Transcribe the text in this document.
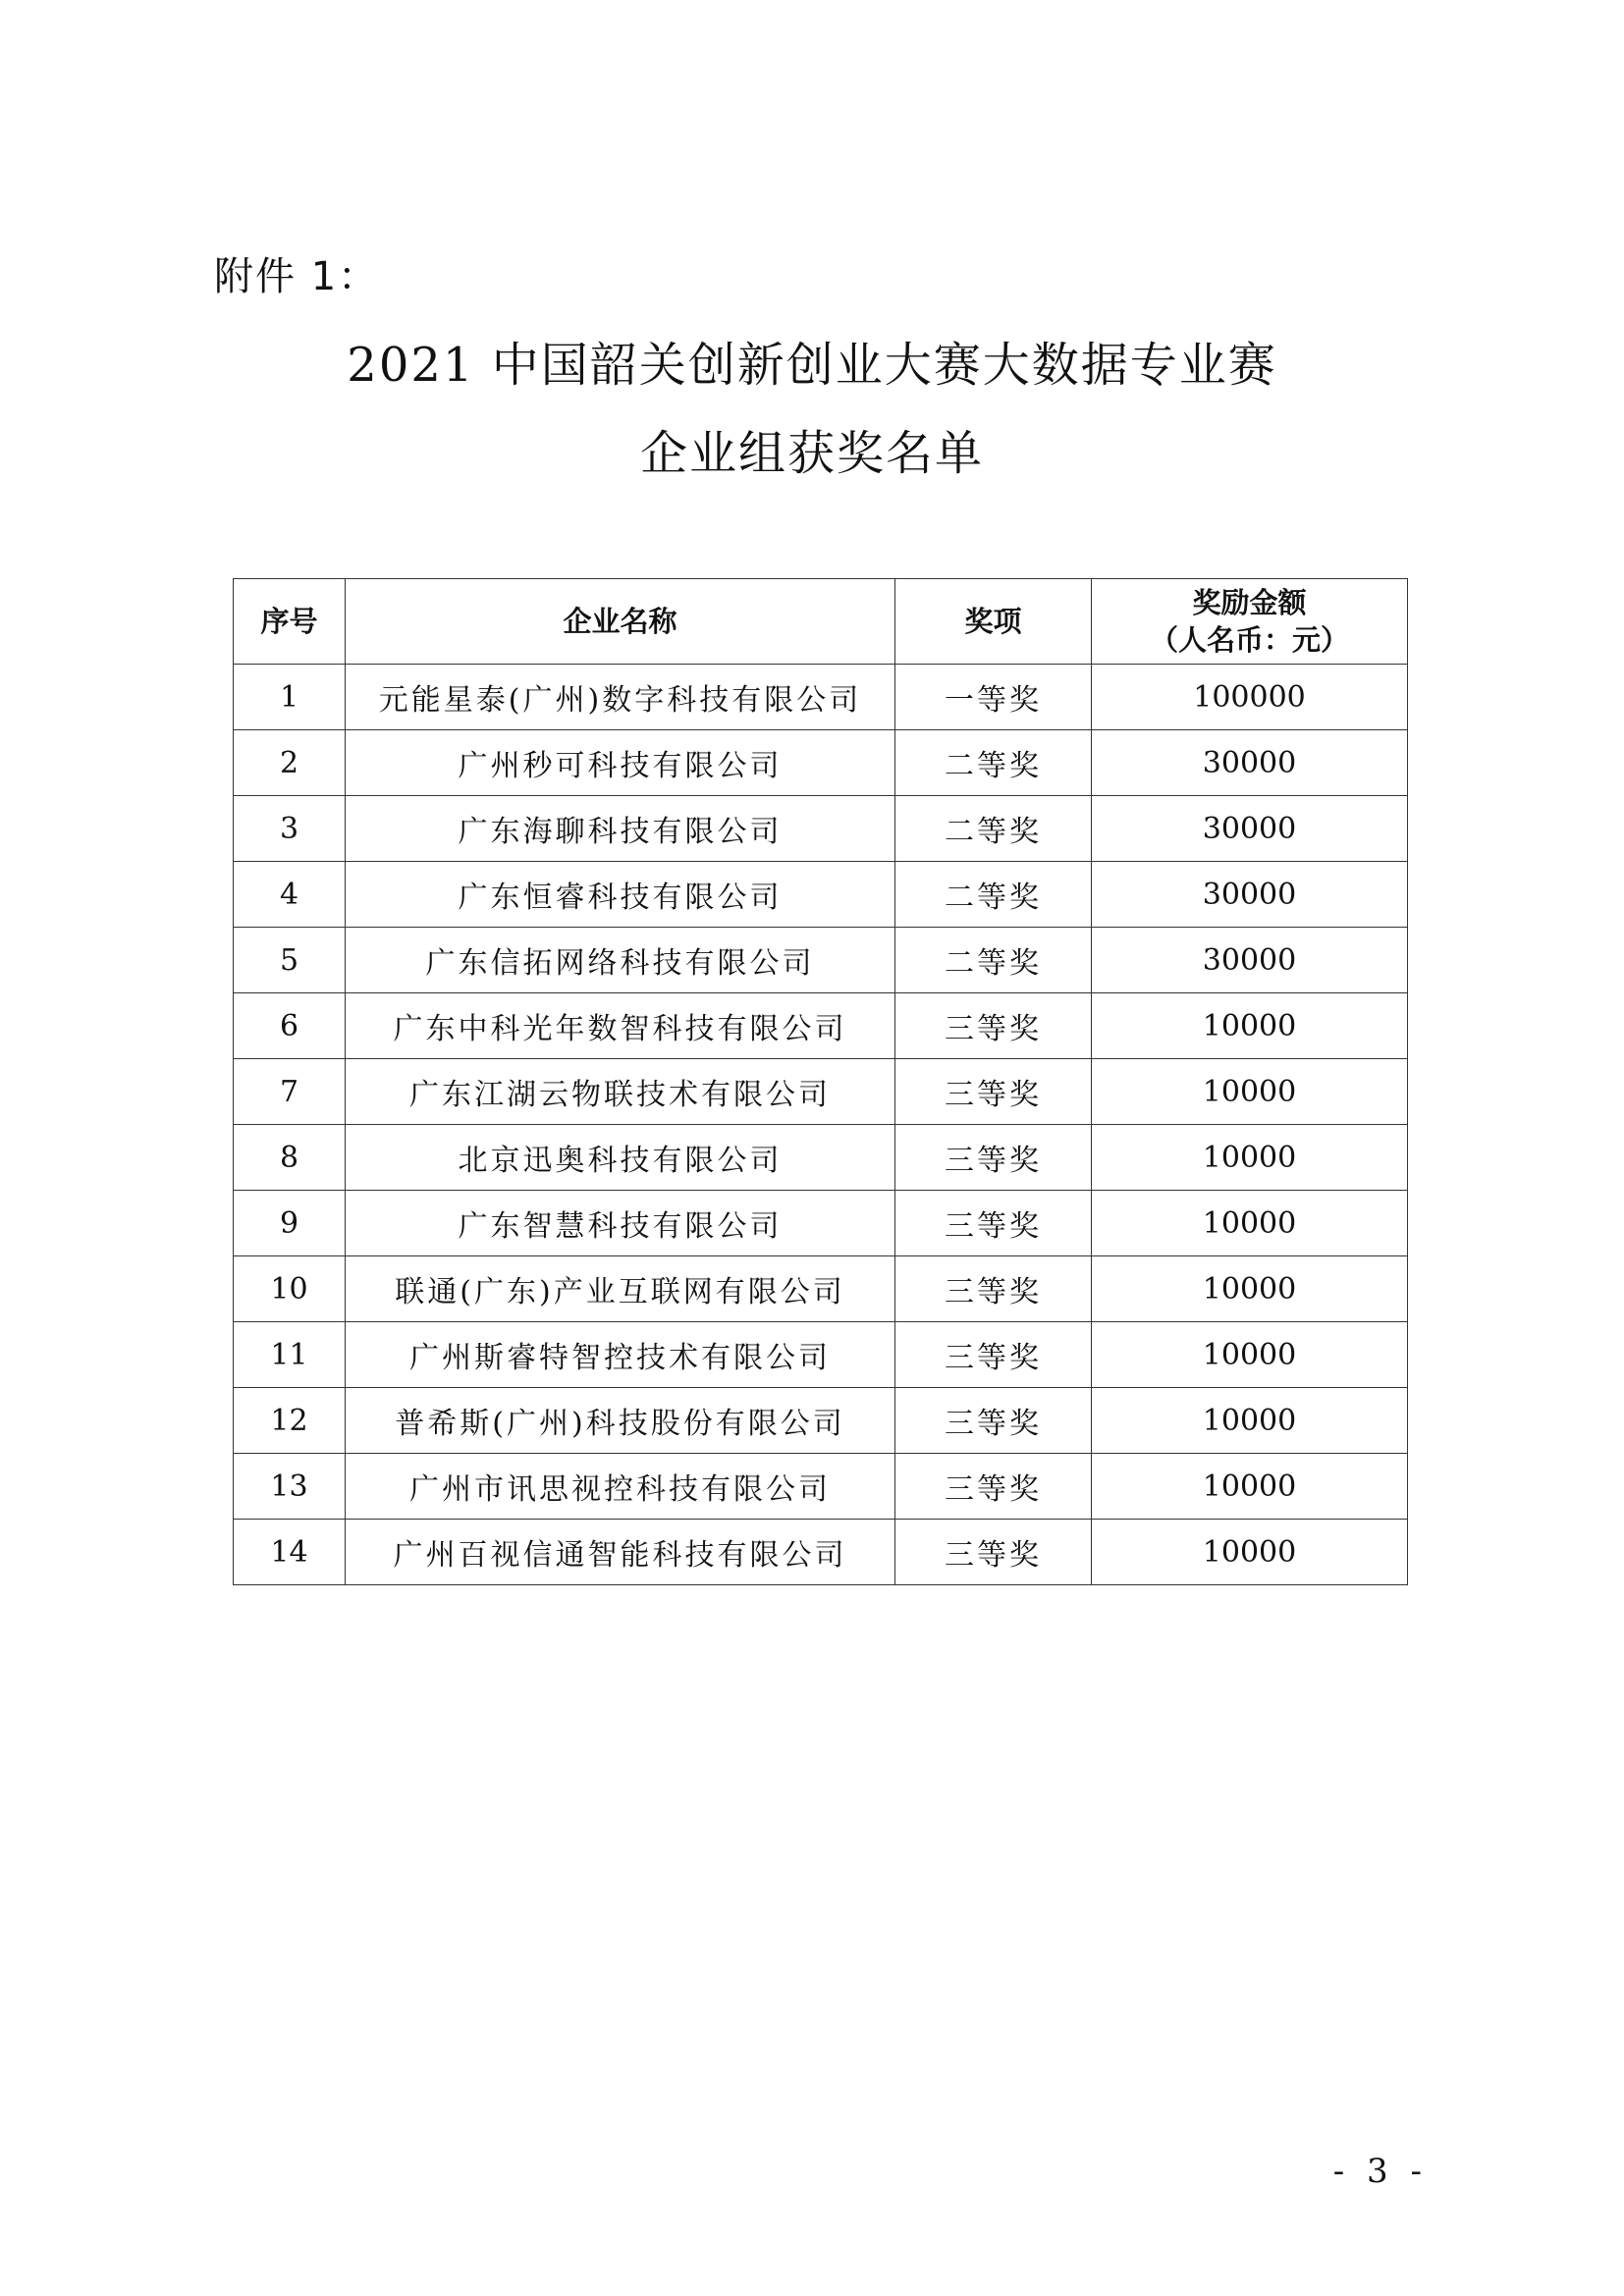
附件 1：

2021 中国韶关创新创业大赛大数据专业赛
企业组获奖名单
序号	企业名称	奖项	奖励金额
（人名币：元）

1	元能星泰(广州)数字科技有限公司	一等奖	100000
2	广州秒可科技有限公司	二等奖	30000
3	广东海聊科技有限公司	二等奖	30000
4	广东恒睿科技有限公司	二等奖	30000
5	广东信拓网络科技有限公司	二等奖	30000
6	广东中科光年数智科技有限公司	三等奖	10000
7	广东江湖云物联技术有限公司	三等奖	10000
8	北京迅奥科技有限公司	三等奖	10000
9	广东智慧科技有限公司	三等奖	10000
10	联通(广东)产业互联网有限公司	三等奖	10000
11	广州斯睿特智控技术有限公司	三等奖	10000
12	普希斯(广州)科技股份有限公司	三等奖	10000
13	广州市讯思视控科技有限公司	三等奖	10000
14	广州百视信通智能科技有限公司	三等奖	10000

- 3 -
